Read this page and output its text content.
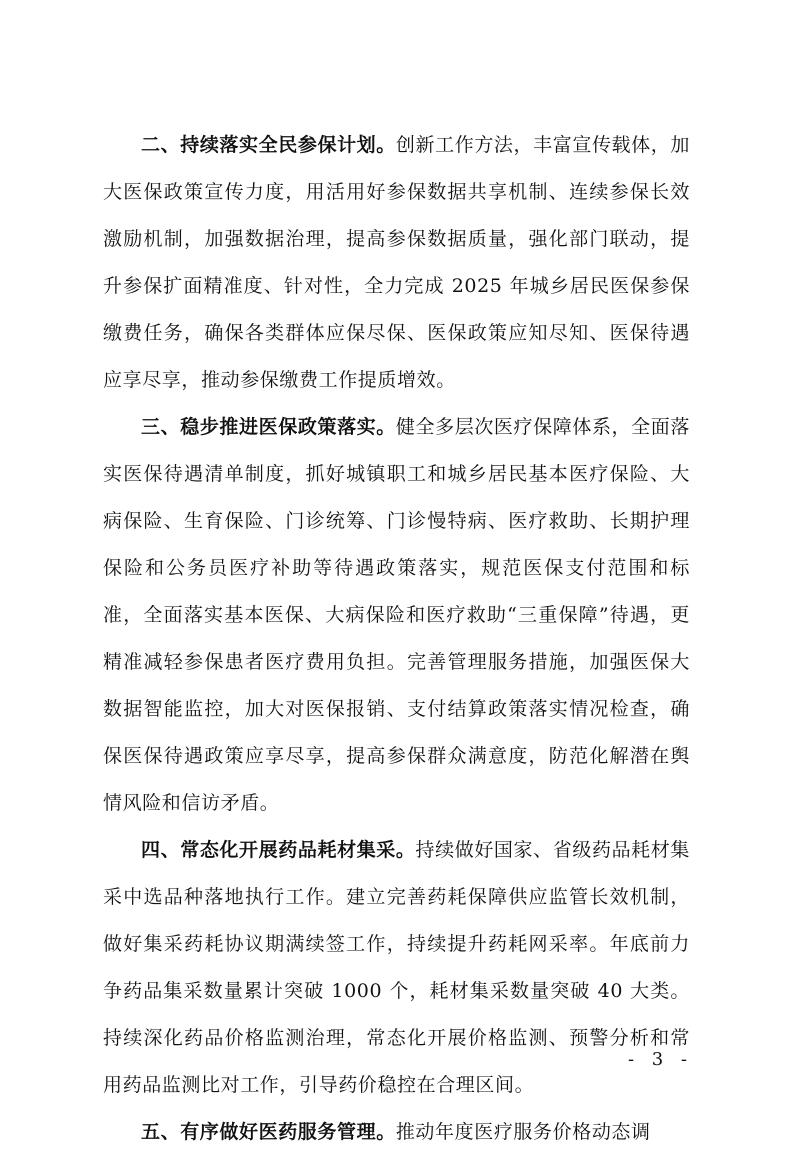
二、持续落实全民参保计划。创新工作方法，丰富宣传载体，加大医保政策宣传力度，用活用好参保数据共享机制、连续参保长效激励机制，加强数据治理，提高参保数据质量，强化部门联动，提升参保扩面精准度、针对性，全力完成 2025 年城乡居民医保参保缴费任务，确保各类群体应保尽保、医保政策应知尽知、医保待遇应享尽享，推动参保缴费工作提质增效。

三、稳步推进医保政策落实。健全多层次医疗保障体系，全面落实医保待遇清单制度，抓好城镇职工和城乡居民基本医疗保险、大病保险、生育保险、门诊统筹、门诊慢特病、医疗救助、长期护理保险和公务员医疗补助等待遇政策落实，规范医保支付范围和标准，全面落实基本医保、大病保险和医疗救助“三重保障”待遇，更精准减轻参保患者医疗费用负担。完善管理服务措施，加强医保大数据智能监控，加大对医保报销、支付结算政策落实情况检查，确保医保待遇政策应享尽享，提高参保群众满意度，防范化解潜在舆情风险和信访矛盾。

四、常态化开展药品耗材集采。持续做好国家、省级药品耗材集采中选品种落地执行工作。建立完善药耗保障供应监管长效机制，做好集采药耗协议期满续签工作，持续提升药耗网采率。年底前力争药品集采数量累计突破 1000 个，耗材集采数量突破 40 大类。持续深化药品价格监测治理，常态化开展价格监测、预警分析和常用药品监测比对工作，引导药价稳控在合理区间。

五、有序做好医药服务管理。推动年度医疗服务价格动态调

- 3 -
